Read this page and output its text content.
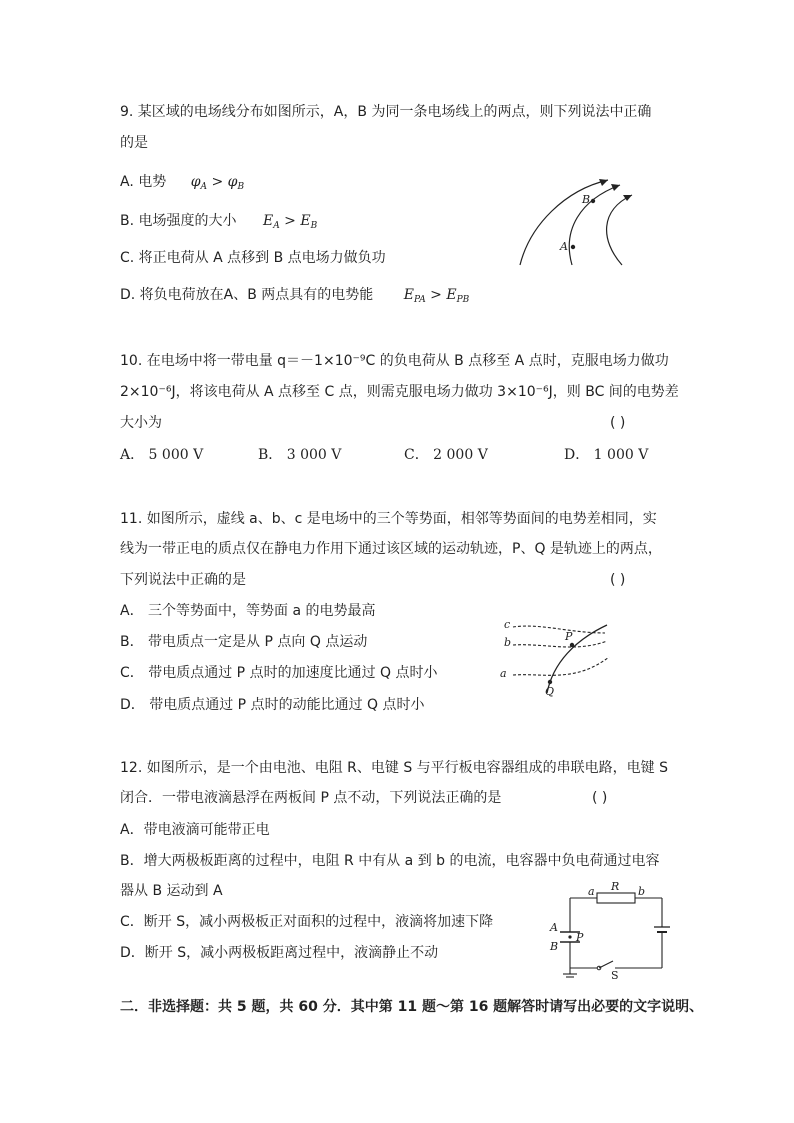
9. 某区域的电场线分布如图所示，A，B 为同一条电场线上的两点，则下列说法中正确
的是
A. 电势 $\varphi_A > \varphi_B$
B. 电场强度的大小 $E_A > E_B$
C. 将正电荷从 A 点移到 B 点电场力做负功
D. 将负电荷放在A、B 两点具有的电势能 $E_{PA} > E_{PB}$
B
A
10. 在电场中将一带电量 q＝－1×10⁻⁹C 的负电荷从 B 点移至 A 点时，克服电场力做功
2×10⁻⁶J，将该电荷从 A 点移至 C 点，则需克服电场力做功 3×10⁻⁶J，则 BC 间的电势差
大小为	( )
A． 5 000 V	B． 3 000 V	C． 2 000 V	D． 1 000 V
11. 如图所示，虚线 a、b、c 是电场中的三个等势面，相邻等势面间的电势差相同，实
线为一带正电的质点仅在静电力作用下通过该区域的运动轨迹，P、Q 是轨迹上的两点，
下列说法中正确的是	( )
A． 三个等势面中，等势面 a 的电势最高
B． 带电质点一定是从 P 点向 Q 点运动
C． 带电质点通过 P 点时的加速度比通过 Q 点时小
D． 带电质点通过 P 点时的动能比通过 Q 点时小
c
b
a
P
Q
12. 如图所示，是一个由电池、电阻 R、电键 S 与平行板电容器组成的串联电路，电键 S
闭合．一带电液滴悬浮在两板间 P 点不动，下列说法正确的是	( )
A．带电液滴可能带正电
B．增大两极板距离的过程中，电阻 R 中有从 a 到 b 的电流，电容器中负电荷通过电容
器从 B 运动到 A
C．断开 S，减小两极板正对面积的过程中，液滴将加速下降
D．断开 S，减小两极板距离过程中，液滴静止不动
a R b
A
B
P
S
二．非选择题：共 5 题，共 60 分．其中第 11 题～第 16 题解答时请写出必要的文字说明、
